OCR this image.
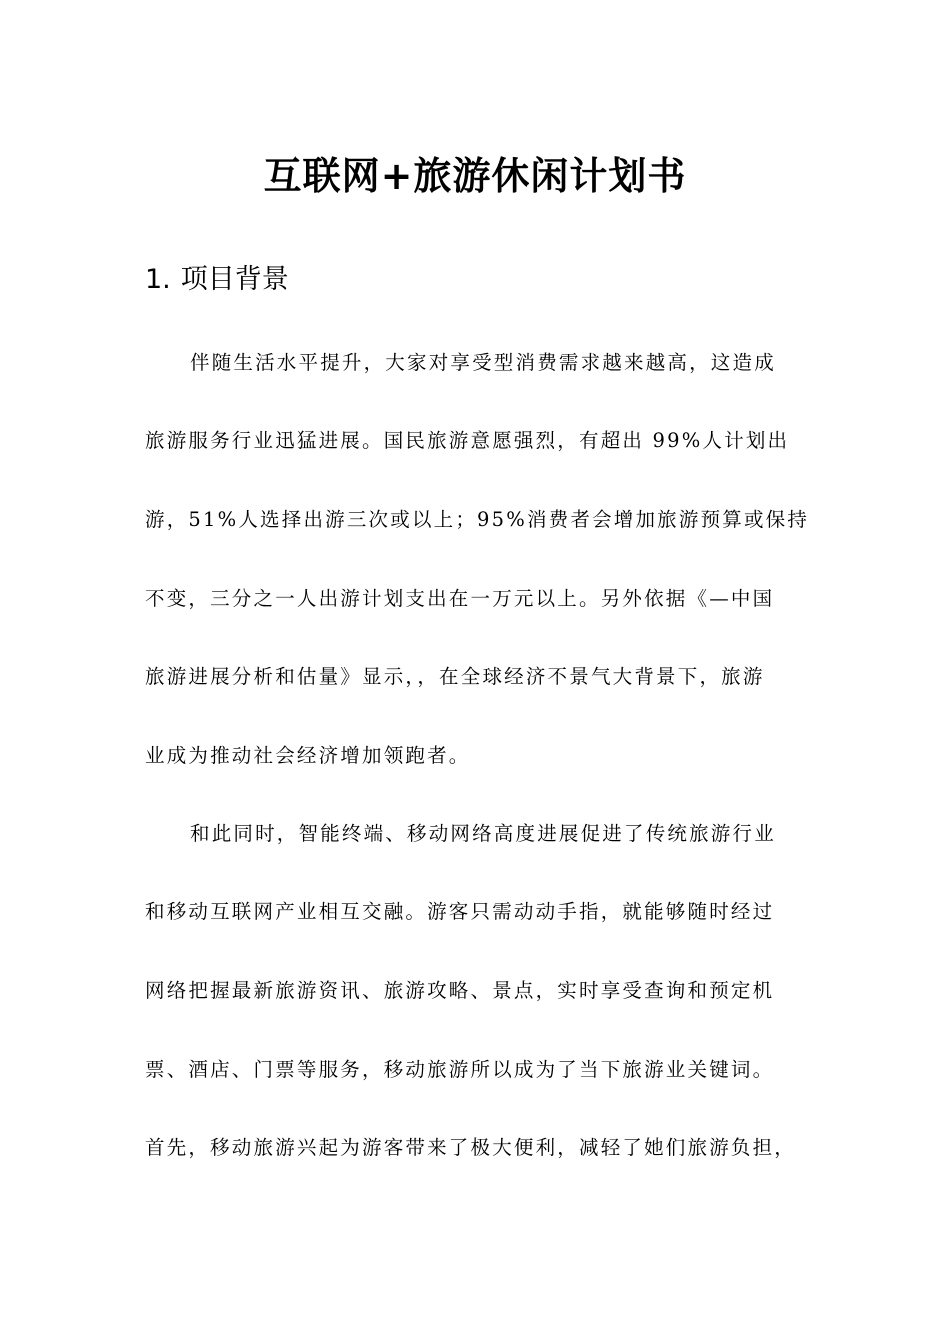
互联网+旅游休闲计划书
1. 项目背景
伴随生活水平提升，大家对享受型消费需求越来越高，这造成
旅游服务行业迅猛进展。国民旅游意愿强烈，有超出 99%人计划出
游，51%人选择出游三次或以上；95%消费者会增加旅游预算或保持
不变，三分之一人出游计划支出在一万元以上。另外依据《—中国
旅游进展分析和估量》显示，，在全球经济不景气大背景下，旅游
业成为推动社会经济增加领跑者。
和此同时，智能终端、移动网络高度进展促进了传统旅游行业
和移动互联网产业相互交融。游客只需动动手指，就能够随时经过
网络把握最新旅游资讯、旅游攻略、景点，实时享受查询和预定机
票、酒店、门票等服务，移动旅游所以成为了当下旅游业关键词。
首先，移动旅游兴起为游客带来了极大便利，减轻了她们旅游负担，
